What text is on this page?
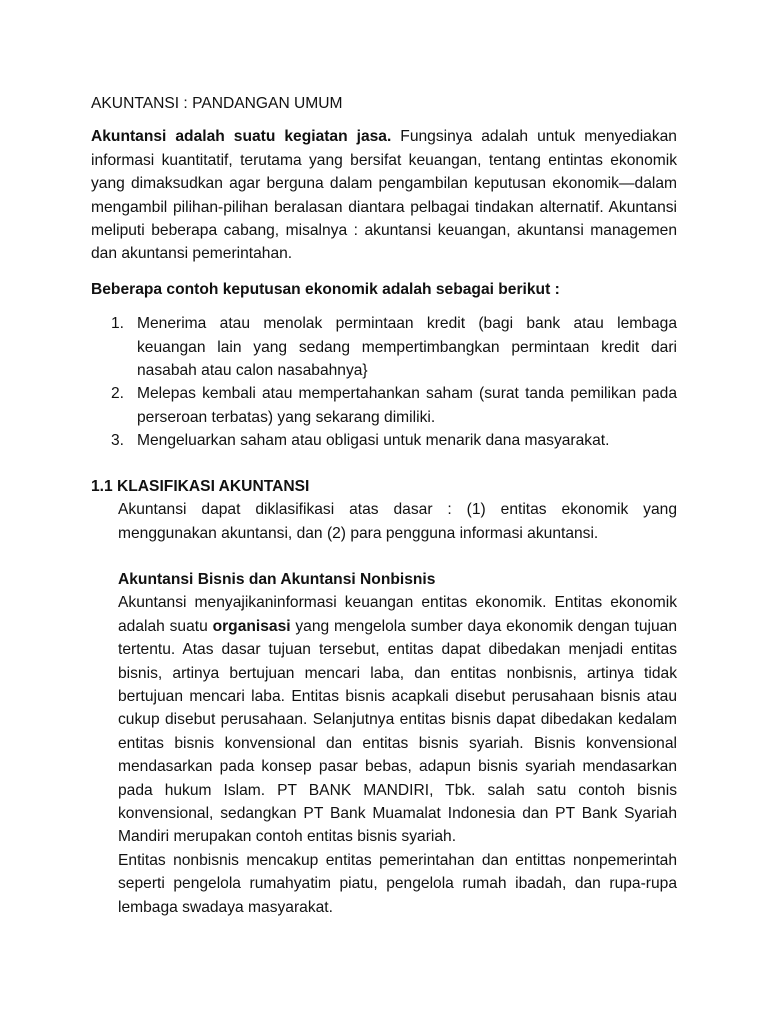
AKUNTANSI : PANDANGAN UMUM

Akuntansi adalah suatu kegiatan jasa. Fungsinya adalah untuk menyediakan informasi kuantitatif, terutama yang bersifat keuangan, tentang entintas ekonomik yang dimaksudkan agar berguna dalam pengambilan keputusan ekonomik—dalam mengambil pilihan-pilihan beralasan diantara pelbagai tindakan alternatif. Akuntansi meliputi beberapa cabang, misalnya : akuntansi keuangan, akuntansi managemen dan akuntansi pemerintahan.

Beberapa contoh keputusan ekonomik adalah sebagai berikut :

1. Menerima atau menolak permintaan kredit (bagi bank atau lembaga keuangan lain yang sedang mempertimbangkan permintaan kredit dari nasabah atau calon nasabahnya}
2. Melepas kembali atau mempertahankan saham (surat tanda pemilikan pada perseroan terbatas) yang sekarang dimiliki.
3. Mengeluarkan saham atau obligasi untuk menarik dana masyarakat.
1.1 KLASIFIKASI AKUNTANSI

Akuntansi dapat diklasifikasi atas dasar : (1) entitas ekonomik yang menggunakan akuntansi, dan (2) para pengguna informasi akuntansi.

Akuntansi Bisnis dan Akuntansi Nonbisnis

Akuntansi menyajikaninformasi keuangan entitas ekonomik. Entitas ekonomik adalah suatu organisasi yang mengelola sumber daya ekonomik dengan tujuan tertentu. Atas dasar tujuan tersebut, entitas dapat dibedakan menjadi entitas bisnis, artinya bertujuan mencari laba, dan entitas nonbisnis, artinya tidak bertujuan mencari laba. Entitas bisnis acapkali disebut perusahaan bisnis atau cukup disebut perusahaan. Selanjutnya entitas bisnis dapat dibedakan kedalam entitas bisnis konvensional dan entitas bisnis syariah. Bisnis konvensional mendasarkan pada konsep pasar bebas, adapun bisnis syariah mendasarkan pada hukum Islam. PT BANK MANDIRI, Tbk. salah satu contoh bisnis konvensional, sedangkan PT Bank Muamalat Indonesia dan PT Bank Syariah Mandiri merupakan contoh entitas bisnis syariah.

Entitas nonbisnis mencakup entitas pemerintahan dan entittas nonpemerintah seperti pengelola rumahyatim piatu, pengelola rumah ibadah, dan rupa-rupa lembaga swadaya masyarakat.
